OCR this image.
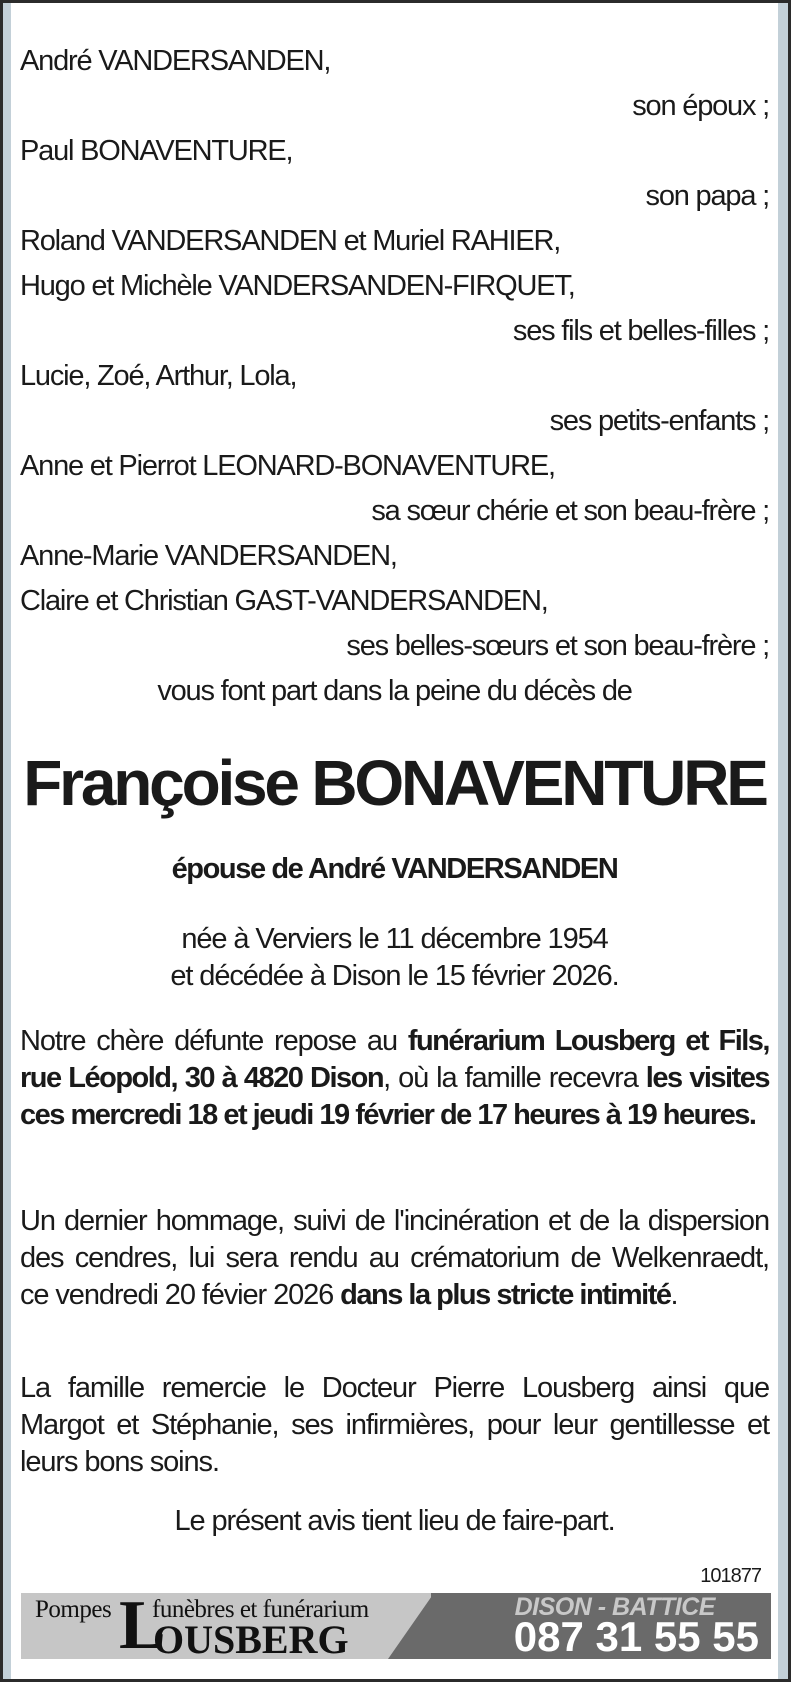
André VANDERSANDEN,
son époux ;
Paul BONAVENTURE,
son papa ;
Roland VANDERSANDEN et Muriel RAHIER,
Hugo et Michèle VANDERSANDEN-FIRQUET,
ses fils et belles-filles ;
Lucie, Zoé, Arthur, Lola,
ses petits-enfants ;
Anne et Pierrot LEONARD-BONAVENTURE,
sa sœur chérie et son beau-frère ;
Anne-Marie VANDERSANDEN,
Claire et Christian GAST-VANDERSANDEN,
ses belles-sœurs et son beau-frère ;
vous font part dans la peine du décès de
Françoise BONAVENTURE
épouse de André VANDERSANDEN
née à Verviers le 11 décembre 1954
et décédée à Dison le 15 février 2026.
Notre chère défunte repose au funérarium Lousberg et Fils, rue Léopold, 30 à 4820 Dison, où la famille recevra les visites ces mercredi 18 et jeudi 19 février de 17 heures à 19 heures.
Un dernier hommage, suivi de l'incinération et de la dispersion des cendres, lui sera rendu au crématorium de Welkenraedt, ce vendredi 20 févier 2026 dans la plus stricte intimité.
La famille remercie le Docteur Pierre Lousberg ainsi que Margot et Stéphanie, ses infirmières, pour leur gentillesse et leurs bons soins.
Le présent avis tient lieu de faire-part.
101877
Pompes L
funèbres et funérarium
OUSBERG
DISON - BATTICE
087 31 55 55
